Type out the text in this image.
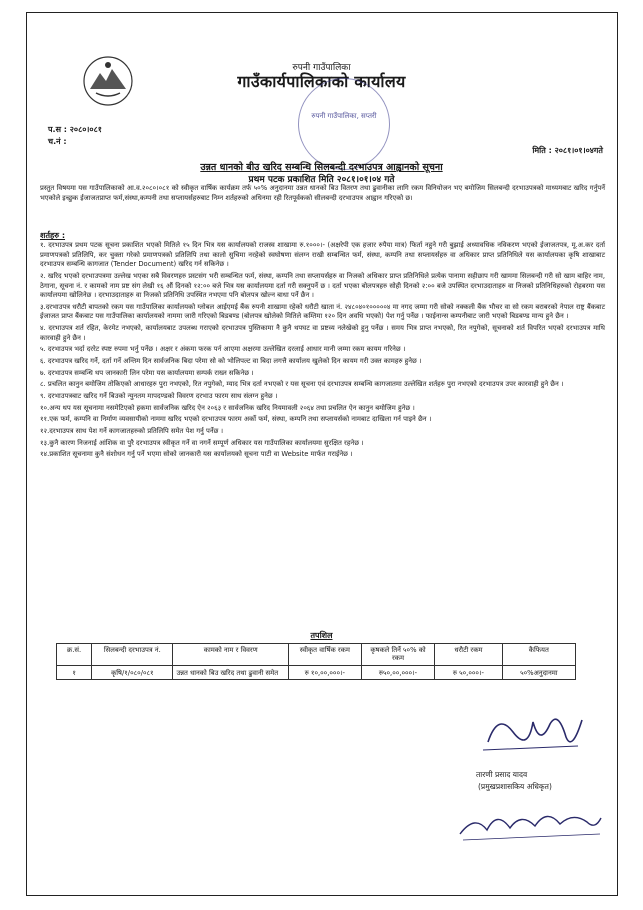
रुपनी गाउँपालिका
गाउँकार्यपालिकाको कार्यालय
रुपनी गाउँपालिका, सप्तरी
प.स : २०८०।०८१
च.नं :
मिति : २०८१।०१।०४गते
उन्नत धानको बीउ खरिद सम्बन्धि सिलबन्दी दरभाउपत्र आह्वानको सूचना
प्रथम पटक प्रकाशित मिति २०८१।०१।०४ गते

प्रस्तुत विषयमा यस गाउँपालिकाको आ.व.२०८०।०८१ को स्वीकृत वार्षिक कार्यक्रम तर्फ ५०% अनुदानमा उन्नत धानको बिउ वितरण तथा ढुवानीका लागि रकम विनियोजन भए बमोजिम सिलबन्दी दरभाउपत्रको माध्यमबाट खरिद गर्नुपर्ने भएकोले इच्छुक ईजाजतप्राप्त फर्म,संस्था,कम्पनी तथा सप्लायर्सहरुबाट निम्न शर्तहरुको अधिनमा रही रितपूर्वकको सीलबन्दी दरभाउपत्र आह्वान गरिएको छ।

शर्तहरु :

१. दरभाउपत्र प्रथम पटक सूचना प्रकाशित भएको मितिले १५ दिन भित्र यस कार्यालयको राजस्व शाखामा रु.१०००।- (अक्षरेपी एक हजार रुपैया मात्र) फिर्ता नहुने गरी बुझाई अध्यावधिक नविकरण भएको ईजाजतपत्र, मू.अ.कर दर्ता प्रमाणपत्रको प्रतिलिपि, कर चुक्ता गरेको प्रमाणपत्रको प्रतिलिपि तथा कालो सुचिमा नरहेको स्वघोषणा संलग्न राखी सम्बन्धित फर्म, संस्था, कम्पनि तथा सप्लायर्सहरु वा अधिकार प्राप्त प्रतिनिधिले यस कार्यालयका कृषि शाखाबाट दरभाउपत्र सम्बन्धि कागजात (Tender Document) खरिद गर्न सकिनेछ ।

२. खरिद भएको दरभाउपत्रमा उल्लेख भएका सबै विवरणहरु प्रस्टसंग भरी सम्बन्धित फर्म, संस्था, कम्पनि तथा सप्लायर्सहरु वा निजको अधिकार प्राप्त प्रतिनिधिले प्रत्येक पानामा सहीछाप गरी खाममा सिलबन्दी गरी सो खाम बाहिर नाम, ठेगाना, सूचना नं. र कामको नाम प्रष्ट संग लेखी १६ औं दिनको १२:०० बजे भित्र यस कार्यालयमा दर्ता गरी सक्नुपर्ने छ । दर्ता भएका बोलपत्रहरु सोही दिनको २:०० बजे उपस्थित दरभाउदाताहरु वा निजको प्रतिनिधिहरुको रोहबरमा यस कार्यालयमा खोलिनेछ । दरभाउदाताहरु वा निजको प्रतिनिधि उपस्थित नभएमा पनि बोलपत्र खोल्न बाधा पर्ने छैन ।

३.दरभाउपत्र धरौटी बापतको रकम यस गाउँपालिका कार्यालयको ग्लोबल आईएमई बैंक रुपनी शाखामा रहेको धरौटी खाता नं. २४८०४०१०००००४ मा नगद जम्मा गरी सोको नक्कली बैंक भौचर वा सो रकम बराबरको नेपाल राष्ट्र बैंकबाट ईजाजत प्राप्त बैंकबाट यस गाउँपालिका कार्यालयको नाममा जारी गरिएको बिडबण्ड (बोलपत्र खोलेको मितिले कम्तिमा १२० दिन अवधि भएको) पेश गर्नु पर्नेछ । फाईनान्स कम्पनीबाट जारी भएको बिडबण्ड मान्य हुने छैन ।

४. दरभाउपत्र शर्त रहित, केरमेट नभएको, कार्यालयबाट उपलब्ध गराएको दरभाउपत्र पुस्तिकामा नै कुनै थपघट वा प्रष्टव्य नलेखेको हुनु पर्नेछ । समय भित्र प्राप्त नभएको, रित नपुगेको, सूचनाको शर्त विपरित भएको दरभाउपत्र माथि कारवाही हुने छैन ।

५. दरभाउपत्र भर्दा दररेट स्पष्ट रुपमा भर्नु पर्नेछ । अक्षर र अंकमा फरक पर्न आएमा अक्षरमा उल्लेखित दरलाई आधार मानी जम्मा रकम कायम गरिनेछ ।

६. दरभाउपत्र खरिद गर्ने, दर्ता गर्ने अन्तिम दिन सार्वजनिक बिदा परेमा सो को भोलिपल्ट वा बिदा लगत्तै कार्यालय खुलेको दिन कायम गरी उक्त कामहरु हुनेछ ।

७. दरभाउपत्र सम्बन्धि थप जानकारी लिन परेमा यस कार्यालयमा सम्पर्क राख्न सकिनेछ ।

८. प्रचलित कानुन बमोजिम तोकिएको आधारहरु पुरा नभएको, रित नपुगेको, म्याद भित्र दर्ता नभएको र यस सूचना एवं दरभाउपत्र सम्बन्धि कागजातमा उल्लेखित शर्तहरु पुरा नभएको दरभाउपत्र उपर कारवाही हुने छैन ।

९. दरभाउपत्रबाट खरिद गर्ने बिउको न्युनतम मापदण्डको विवरण दरभाउ फारम साथ संलग्न हुनेछ ।

१०.अन्य थप यस सूचनामा नसमेटिएको हकमा सार्वजनिक खरिद ऐन २०६३ र सार्वजनिक खरिद नियमावली २०६४ तथा प्रचलित ऐन कानुन बमोजिम हुनेछ ।

११.एक फर्म, कम्पनि वा निर्माण व्यवसायीको नाममा खरिद भएको दरभाउपत्र फारम अर्को फर्म, संस्था, कम्पनि तथा सप्लायर्सको नामबाट दाखिला गर्न पाइने छैन ।

१२.दरभाउपत्र साथ पेश गर्ने कागजातहरुको प्रतिलिपि समेत पेश गर्नु पर्नेछ ।

१३.कुनै कारण निजनाई आंशिक वा पुरै दरभाउपत्र स्वीकृत गर्ने वा नगर्ने सम्पूर्ण अधिकार यस गाउँपालिका कार्यालयमा सुरक्षित रहनेछ ।

१४.प्रकाशित सूचनामा कुनै संशोधन गर्नु पर्ने भएमा सोको जानकारी यस कार्यालयको सूचना पाटी वा Website मार्फत गराईनेछ ।

तपशिल
क्र.सं.	सिलबन्दी दरभाउपत्र नं.	कामको नाम र विवरण	स्वीकृत वार्षिक रकम	कृषकले तिर्ने ५०% को रकम	धरौटी रकम	कैफियत
१	कृषि/१/०८०/०८१	उन्नत धानको बिउ खरिद तथा ढुवानी समेत	रु १०,००,०००।-	रु५०,००,०००।-	रु ५०,०००।-	५०%अनुदानमा
तारणी प्रसाद यादव
(प्रमुखप्रशासकिय अधिकृत)
